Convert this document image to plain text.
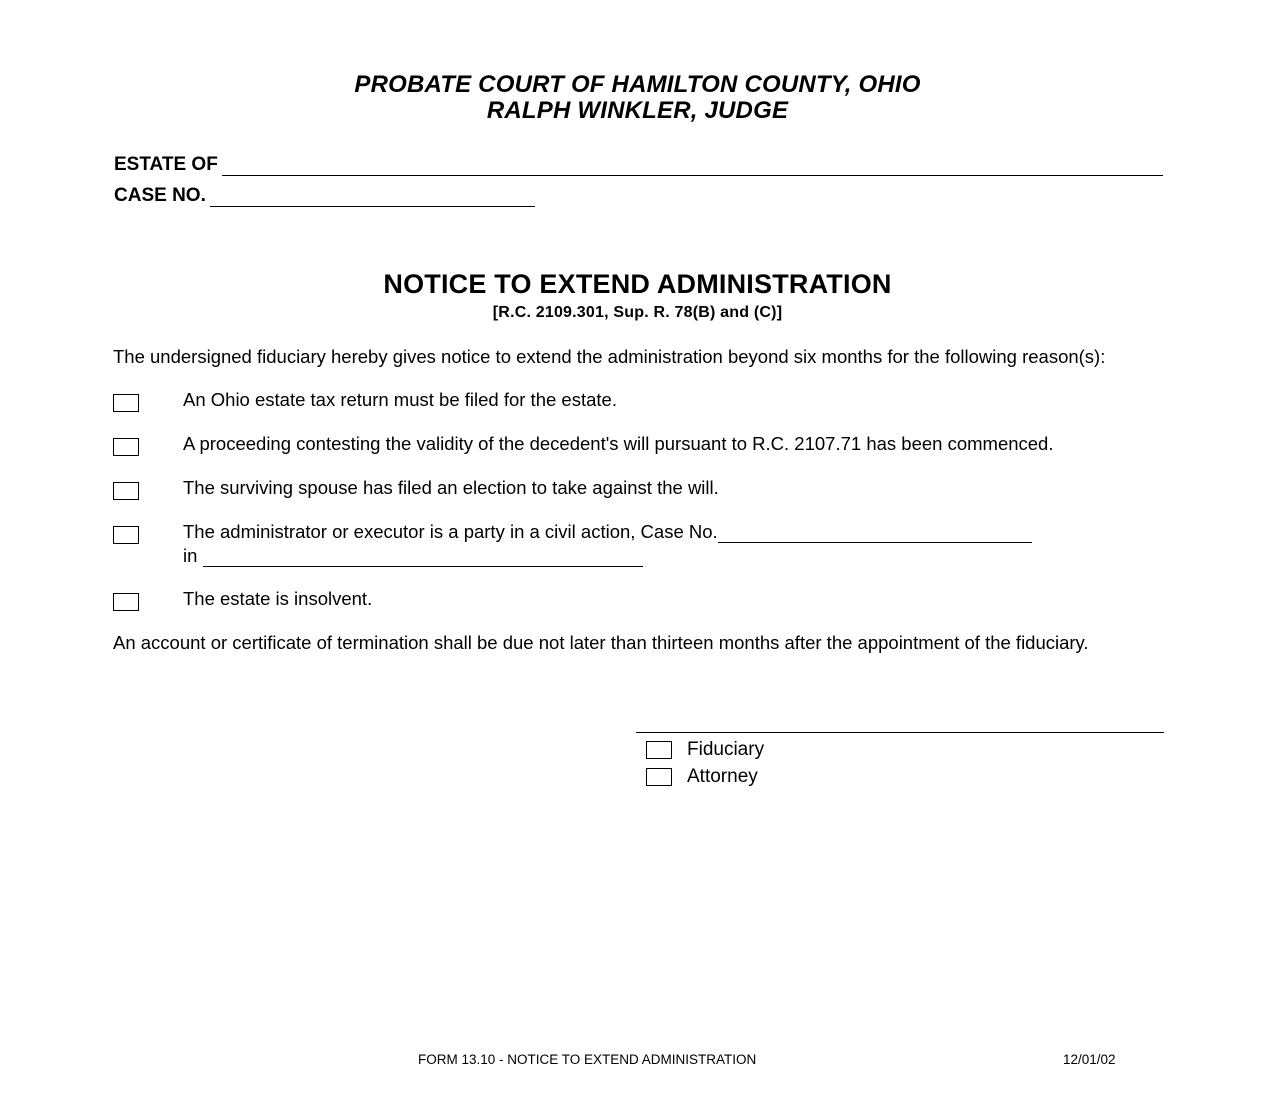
PROBATE COURT OF HAMILTON COUNTY, OHIO
RALPH WINKLER, JUDGE
ESTATE OF
CASE NO.
NOTICE TO EXTEND ADMINISTRATION
[R.C. 2109.301, Sup. R. 78(B) and (C)]
The undersigned fiduciary hereby gives notice to extend the administration beyond six months for the following reason(s):
An Ohio estate tax return must be filed for the estate.
A proceeding contesting the validity of the decedent's will pursuant to R.C. 2107.71 has been commenced.
The surviving spouse has filed an election to take against the will.
The administrator or executor is a party in a civil action, Case No.
in
The estate is insolvent.
An account or certificate of termination shall be due not later than thirteen months after the appointment of the fiduciary.
Fiduciary
Attorney
FORM 13.10 - NOTICE TO EXTEND ADMINISTRATION	12/01/02
